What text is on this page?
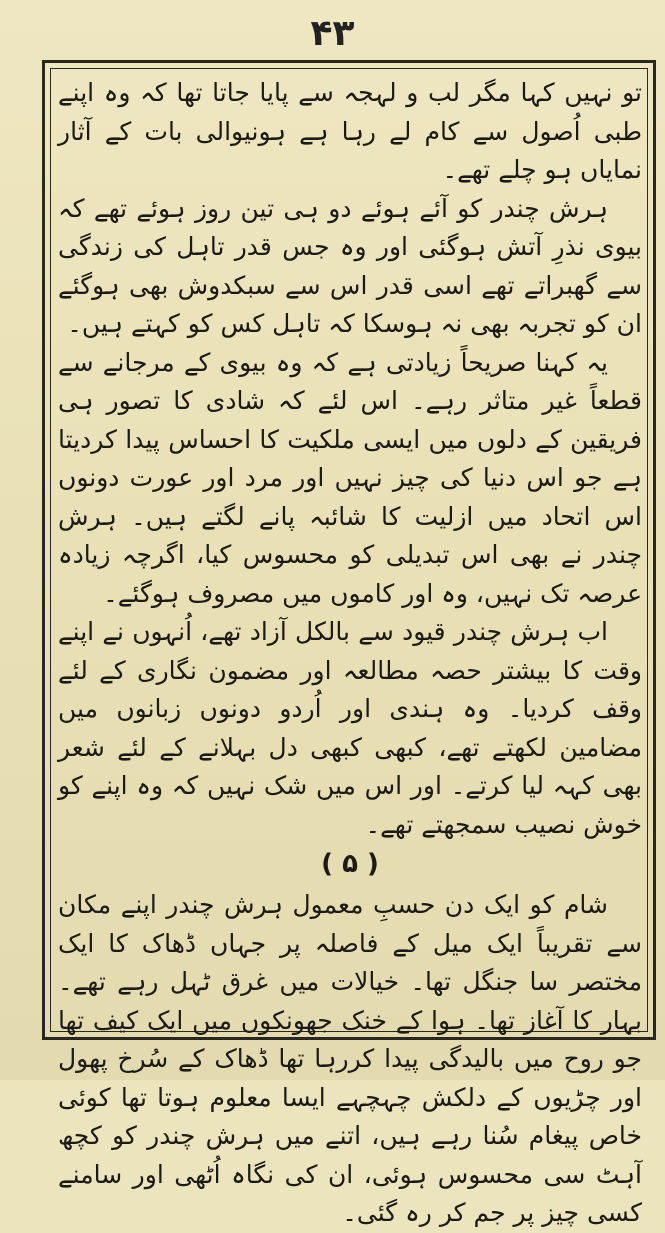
۴۳

تو نہیں کہا مگر لب و لہجہ سے پایا جاتا تھا کہ وہ اپنے طبی اُصول سے کام لے رہا ہے ہونیوالی بات کے آثار نمایاں ہو چلے تھے۔

ہرش چندر کو آئے ہوئے دو ہی تین روز ہوئے تھے کہ بیوی نذرِ آتش ہوگئی اور وہ جس قدر تاہل کی زندگی سے گھبراتے تھے اسی قدر اس سے سبکدوش بھی ہوگئے ان کو تجربہ بھی نہ ہوسکا کہ تاہل کس کو کہتے ہیں۔

یہ کہنا صریحاً زیادتی ہے کہ وہ بیوی کے مرجانے سے قطعاً غیر متاثر رہے۔ اس لئے کہ شادی کا تصور ہی فریقین کے دلوں میں ایسی ملکیت کا احساس پیدا کردیتا ہے جو اس دنیا کی چیز نہیں اور مرد اور عورت دونوں اس اتحاد میں ازلیت کا شائبہ پانے لگتے ہیں۔ ہرش چندر نے بھی اس تبدیلی کو محسوس کیا، اگرچہ زیادہ عرصہ تک نہیں، وہ اور کاموں میں مصروف ہوگئے۔

اب ہرش چندر قیود سے بالکل آزاد تھے، اُنہوں نے اپنے وقت کا بیشتر حصہ مطالعہ اور مضمون نگاری کے لئے وقف کردیا۔ وہ ہندی اور اُردو دونوں زبانوں میں مضامین لکھتے تھے، کبھی کبھی دل بہلانے کے لئے شعر بھی کہہ لیا کرتے۔ اور اس میں شک نہیں کہ وہ اپنے کو خوش نصیب سمجھتے تھے۔

( ۵ )

شام کو ایک دن حسبِ معمول ہرش چندر اپنے مکان سے تقریباً ایک میل کے فاصلہ پر جہاں ڈھاک کا ایک مختصر سا جنگل تھا۔ خیالات میں غرق ٹہل رہے تھے۔ بہار کا آغاز تھا۔ ہوا کے خنک جھونکوں میں ایک کیف تھا جو روح میں بالیدگی پیدا کررہا تھا ڈھاک کے سُرخ پھول اور چڑیوں کے دلکش چہچہے ایسا معلوم ہوتا تھا کوئی خاص پیغام سُنا رہے ہیں، اتنے میں ہرش چندر کو کچھ آہٹ سی محسوس ہوئی، ان کی نگاہ اُٹھی اور سامنے کسی چیز پر جم کر رہ گئی۔
